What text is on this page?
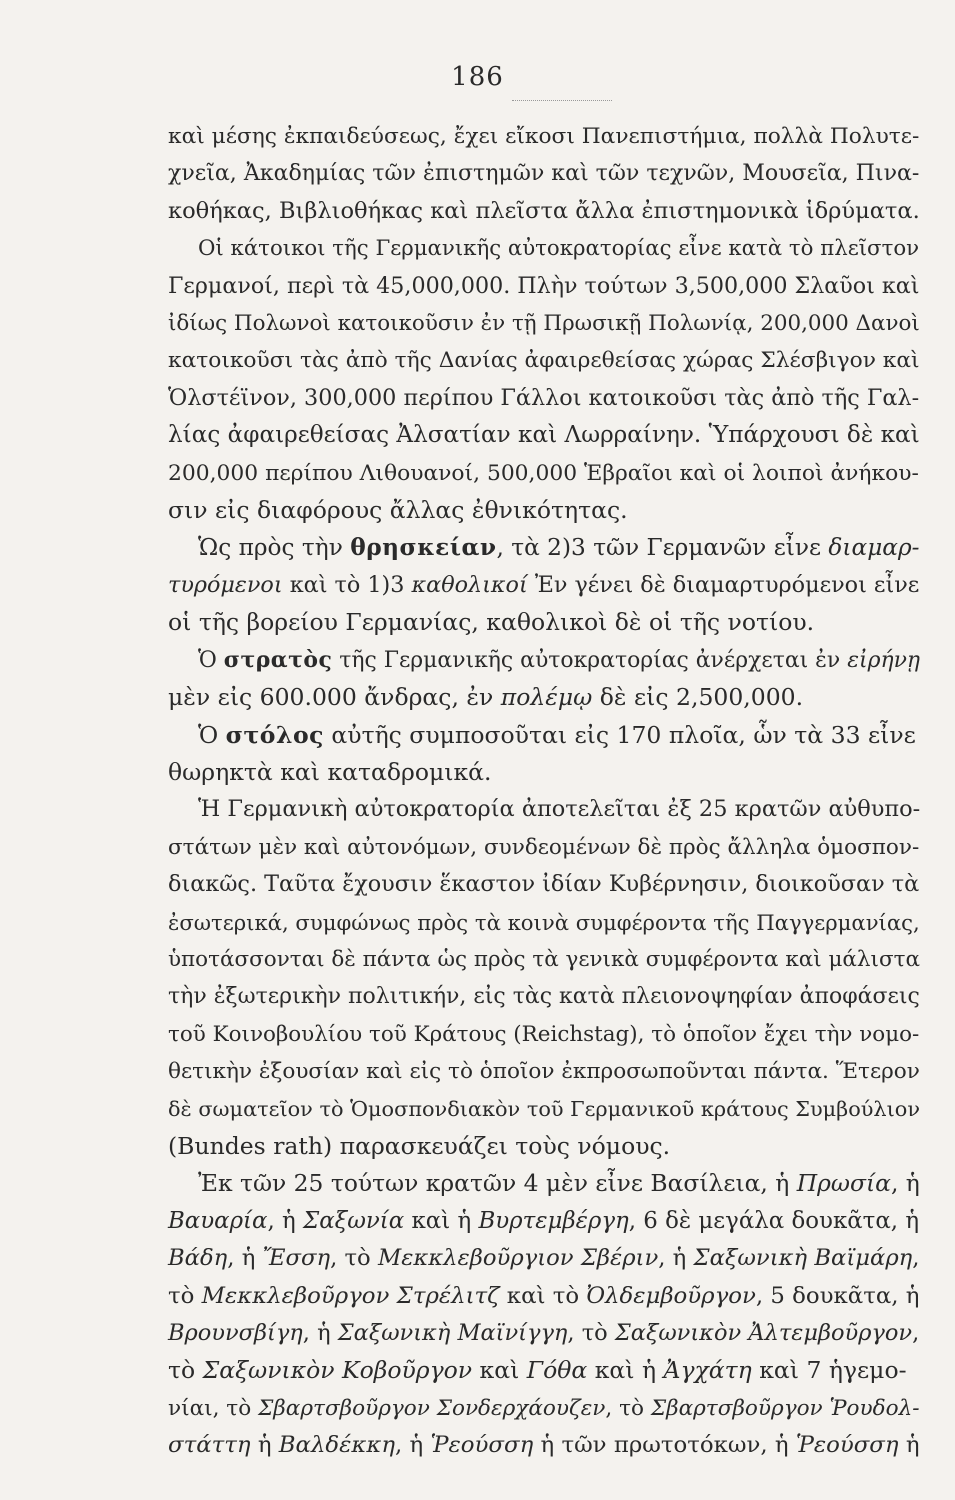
186
καὶ μέσης ἐκπαιδεύσεως, ἔχει εἴκοσι Πανεπιστήμια, πολλὰ Πολυτε-
χνεῖα, Ἀκαδημίας τῶν ἐπιστημῶν καὶ τῶν τεχνῶν, Μουσεῖα, Πινα-
κοθήκας, Βιβλιοθήκας καὶ πλεῖστα ἄλλα ἐπιστημονικὰ ἱδρύματα.
Οἱ κάτοικοι τῆς Γερμανικῆς αὐτοκρατορίας εἶνε κατὰ τὸ πλεῖστον
Γερμανοί, περὶ τὰ 45,000,000. Πλὴν τούτων 3,500,000 Σλαῦοι καὶ
ἰδίως Πολωνοὶ κατοικοῦσιν ἐν τῇ Πρωσικῇ Πολωνίᾳ, 200,000 Δανοὶ
κατοικοῦσι τὰς ἀπὸ τῆς Δανίας ἀφαιρεθείσας χώρας Σλέσβιγον καὶ
Ὁλστέϊνον, 300,000 περίπου Γάλλοι κατοικοῦσι τὰς ἀπὸ τῆς Γαλ-
λίας ἀφαιρεθείσας Ἀλσατίαν καὶ Λωρραίνην. Ὑπάρχουσι δὲ καὶ
200,000 περίπου Λιθουανοί, 500,000 Ἑβραῖοι καὶ οἱ λοιποὶ ἀνήκου-
σιν εἰς διαφόρους ἄλλας ἐθνικότητας.
Ὡς πρὸς τὴν θρησκείαν, τὰ 2)3 τῶν Γερμανῶν εἶνε διαμαρ-
τυρόμενοι καὶ τὸ 1)3 καθολικοί Ἐν γένει δὲ διαμαρτυρόμενοι εἶνε
οἱ τῆς βορείου Γερμανίας, καθολικοὶ δὲ οἱ τῆς νοτίου.
Ὁ στρατὸς τῆς Γερμανικῆς αὐτοκρατορίας ἀνέρχεται ἐν εἰρήνῃ
μὲν εἰς 600.000 ἄνδρας, ἐν πολέμῳ δὲ εἰς 2,500,000.
Ὁ στόλος αὐτῆς συμποσοῦται εἰς 170 πλοῖα, ὧν τὰ 33 εἶνε
θωρηκτὰ καὶ καταδρομικά.
Ἡ Γερμανικὴ αὐτοκρατορία ἀποτελεῖται ἐξ 25 κρατῶν αὐθυπο-
στάτων μὲν καὶ αὐτονόμων, συνδεομένων δὲ πρὸς ἄλληλα ὁμοσπον-
διακῶς. Ταῦτα ἔχουσιν ἕκαστον ἰδίαν Κυβέρνησιν, διοικοῦσαν τὰ
ἐσωτερικά, συμφώνως πρὸς τὰ κοινὰ συμφέροντα τῆς Παγγερμανίας,
ὑποτάσσονται δὲ πάντα ὡς πρὸς τὰ γενικὰ συμφέροντα καὶ μάλιστα
τὴν ἐξωτερικὴν πολιτικήν, εἰς τὰς κατὰ πλειονοψηφίαν ἀποφάσεις
τοῦ Κοινοβουλίου τοῦ Κράτους (Reichstag), τὸ ὁποῖον ἔχει τὴν νομο-
θετικὴν ἐξουσίαν καὶ εἰς τὸ ὁποῖον ἐκπροσωποῦνται πάντα. Ἕτερον
δὲ σωματεῖον τὸ Ὁμοσπονδιακὸν τοῦ Γερμανικοῦ κράτους Συμβούλιον
(Bundes rath) παρασκευάζει τοὺς νόμους.
Ἐκ τῶν 25 τούτων κρατῶν 4 μὲν εἶνε Βασίλεια, ἡ Πρωσία, ἡ
Βαυαρία, ἡ Σαξωνία καὶ ἡ Βυρτεμβέργη, 6 δὲ μεγάλα δουκᾶτα, ἡ
Βάδη, ἡ Ἔσση, τὸ Μεκκλεβοῦργιον Σβέριν, ἡ Σαξωνικὴ Βαϊμάρη,
τὸ Μεκκλεβοῦργον Στρέλιτζ καὶ τὸ Ὀλδεμβοῦργον, 5 δουκᾶτα, ἡ
Βρουνσβίγη, ἡ Σαξωνικὴ Μαϊνίγγη, τὸ Σαξωνικὸν Ἀλτεμβοῦργον,
τὸ Σαξωνικὸν Κοβοῦργον καὶ Γόθα καὶ ἡ Ἀγχάτη καὶ 7 ἡγεμο-
νίαι, τὸ Σβαρτσβοῦργον Σονδερχάουζεν, τὸ Σβαρτσβοῦργον Ῥουδολ-
στάττη ἡ Βαλδέκκη, ἡ Ῥεούσση ἡ τῶν πρωτοτόκων, ἡ Ῥεούσση ἡ
